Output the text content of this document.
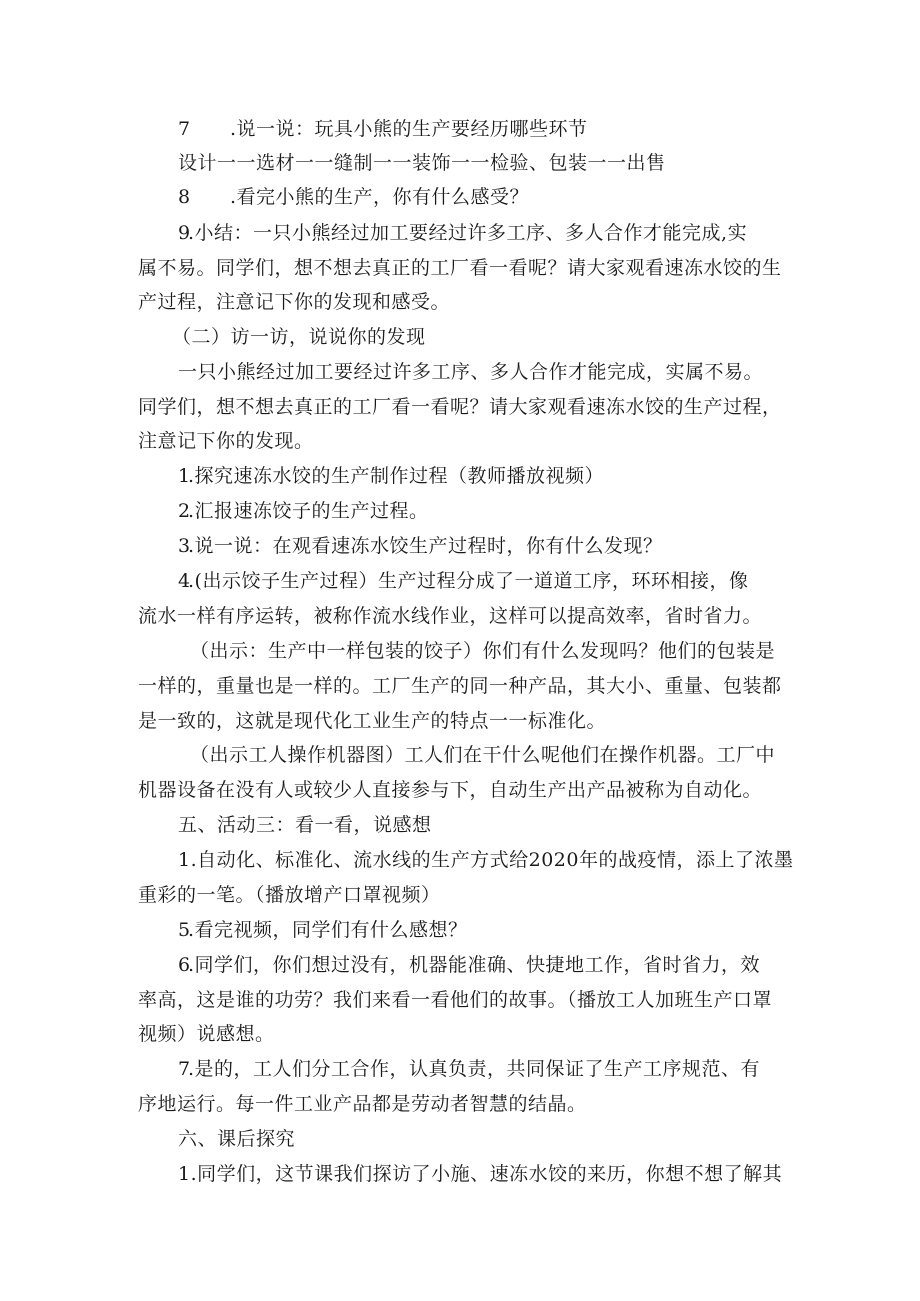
7 .说一说：玩具小熊的生产要经历哪些环节
设计一一选材一一缝制一一装饰一一检验、包装一一出售
8 .看完小熊的生产，你有什么感受？
9.小结：一只小熊经过加工要经过许多工序、多人合作才能完成,实
属不易。同学们，想不想去真正的工厂看一看呢？请大家观看速冻水饺的生
产过程，注意记下你的发现和感受。
（二）访一访，说说你的发现
一只小熊经过加工要经过许多工序、多人合作才能完成，实属不易。
同学们，想不想去真正的工厂看一看呢？请大家观看速冻水饺的生产过程，
注意记下你的发现。
1.探究速冻水饺的生产制作过程（教师播放视频）
2.汇报速冻饺子的生产过程。
3.说一说：在观看速冻水饺生产过程时，你有什么发现？
4.(出示饺子生产过程）生产过程分成了一道道工序，环环相接，像
流水一样有序运转，被称作流水线作业，这样可以提高效率，省时省力。
（出示：生产中一样包装的饺子）你们有什么发现吗？他们的包装是
一样的，重量也是一样的。工厂生产的同一种产品，其大小、重量、包装都
是一致的，这就是现代化工业生产的特点一一标准化。
（出示工人操作机器图）工人们在干什么呢他们在操作机器。工厂中
机器设备在没有人或较少人直接参与下，自动生产出产品被称为自动化。
五、活动三：看一看，说感想
1.自动化、标准化、流水线的生产方式给2020年的战疫情，添上了浓墨
重彩的一笔。（播放增产口罩视频）
5.看完视频，同学们有什么感想？
6.同学们，你们想过没有，机器能准确、快捷地工作，省时省力，效
率高，这是谁的功劳？我们来看一看他们的故事。（播放工人加班生产口罩
视频）说感想。
7.是的，工人们分工合作，认真负责，共同保证了生产工序规范、有
序地运行。每一件工业产品都是劳动者智慧的结晶。
六、课后探究
1.同学们，这节课我们探访了小施、速冻水饺的来历，你想不想了解其
